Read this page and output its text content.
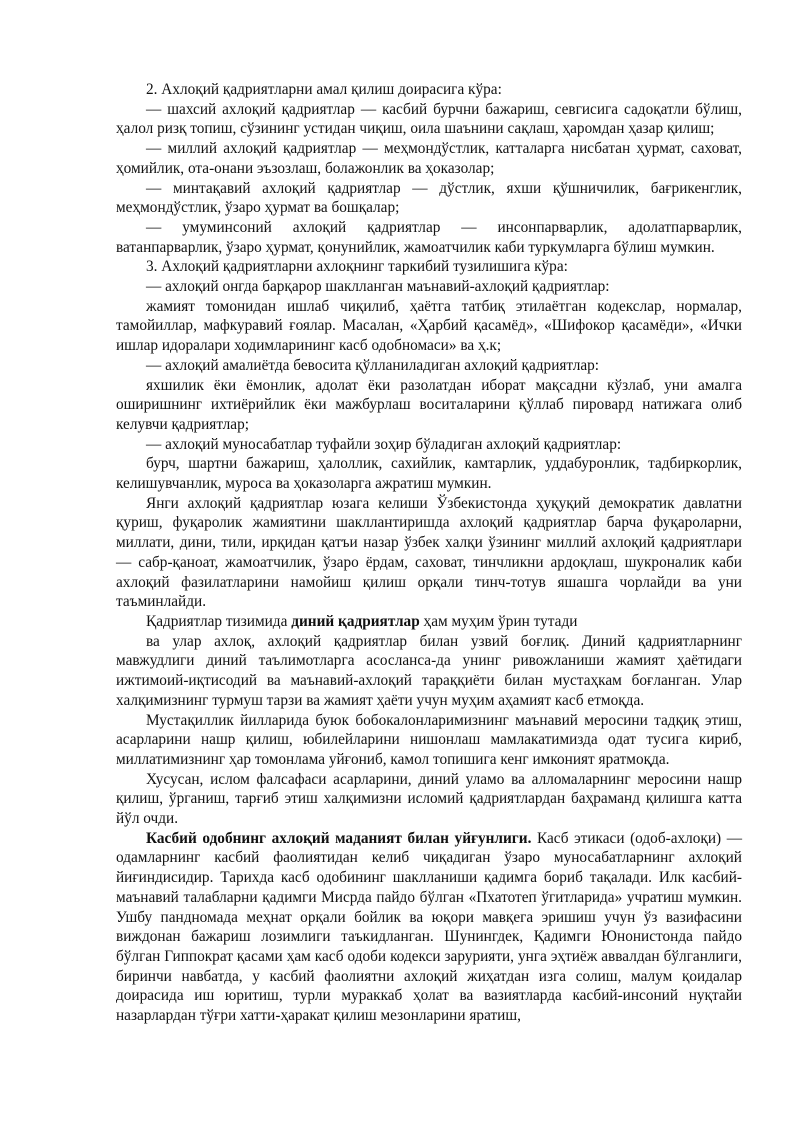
2. Ахлоқий қадриятларни амал қилиш доирасига кўра:

— шахсий ахлоқий қадриятлар — касбий бурчни бажариш, севгисига садоқатли бўлиш, ҳалол ризқ топиш, сўзининг устидан чиқиш, оила шаънини сақлаш, ҳаромдан ҳазар қилиш;

— миллий ахлоқий қадриятлар — меҳмондўстлик, катталарга нисбатан ҳурмат, саховат, ҳомийлик, ота-онани эъзозлаш, болажонлик ва ҳоказолар;

— минтақавий ахлоқий қадриятлар — дўстлик, яхши қўшничилик, бағрикенглик, меҳмондўстлик, ўзаро ҳурмат ва бошқалар;

— умуминсоний ахлоқий қадриятлар — инсонпарварлик, адолатпарварлик, ватанпарварлик, ўзаро ҳурмат, қонунийлик, жамоатчилик каби туркумларга бўлиш мумкин.

3. Ахлоқий қадриятларни ахлоқнинг таркибий тузилишига кўра:

— ахлоқий онгда барқарор шаклланган маънавий-ахлоқий қадриятлар:

жамият томонидан ишлаб чиқилиб, ҳаётга татбиқ этилаётган кодекслар, нормалар, тамойиллар, мафкуравий ғоялар. Масалан, «Ҳарбий қасамёд», «Шифокор қасамёди», «Ички ишлар идоралари ходимларининг касб одобномаси» ва ҳ.к;

— ахлоқий амалиётда бевосита қўлланиладиган ахлоқий қадриятлар:

яхшилик ёки ёмонлик, адолат ёки разолатдан иборат мақсадни кўзлаб, уни амалга оширишнинг ихтиёрийлик ёки мажбурлаш воситаларини қўллаб пировард натижага олиб келувчи қадриятлар;

— ахлоқий муносабатлар туфайли зоҳир бўладиган ахлоқий қадриятлар:

бурч, шартни бажариш, ҳалоллик, сахийлик, камтарлик, уддабуронлик, тадбиркорлик, келишувчанлик, муроса ва ҳоказоларга ажратиш мумкин.

Янги ахлоқий қадриятлар юзага келиши Ўзбекистонда ҳуқуқий демократик давлатни қуриш, фуқаролик жамиятини шакллантиришда ахлоқий қадриятлар барча фуқароларни, миллати, дини, тили, ирқидан қатъи назар ўзбек халқи ўзининг миллий ахлоқий қадриятлари — сабр-қаноат, жамоатчилик, ўзаро ёрдам, саховат, тинчликни ардоқлаш, шукроналик каби ахлоқий фазилатларини намойиш қилиш орқали тинч-тотув яшашга чорлайди ва уни таъминлайди.

Қадриятлар тизимида диний қадриятлар ҳам муҳим ўрин тутади

ва улар ахлоқ, ахлоқий қадриятлар билан узвий боғлиқ. Диний қадриятларнинг мавжудлиги диний таълимотларга асосланса-да унинг ривожланиши жамият ҳаётидаги ижтимоий-иқтисодий ва маънавий-ахлоқий тараққиёти билан мустаҳкам боғланган. Улар халқимизнинг турмуш тарзи ва жамият ҳаёти учун муҳим аҳамият касб етмоқда.

Мустақиллик йилларида буюк бобокалонларимизнинг маънавий меросини тадқиқ этиш, асарларини нашр қилиш, юбилейларини нишонлаш мамлакатимизда одат тусига кириб, миллатимизнинг ҳар томонлама уйғониб, камол топишига кенг имконият яратмоқда.

Хусусан, ислом фалсафаси асарларини, диний уламо ва алломаларнинг меросини нашр қилиш, ўрганиш, тарғиб этиш халқимизни исломий қадриятлардан баҳраманд қилишга катта йўл очди.

Касбий одобнинг ахлоқий маданият билан уйғунлиги. Касб этикаси (одоб-ахлоқи) — одамларнинг касбий фаолиятидан келиб чиқадиган ўзаро муносабатларнинг ахлоқий йиғиндисидир. Тарихда касб одобининг шаклланиши қадимга бориб тақалади. Илк касбий-маънавий талабларни қадимги Мисрда пайдо бўлган «Пхатотеп ўгитларида» учратиш мумкин. Ушбу пандномада меҳнат орқали бойлик ва юқори мавқега эришиш учун ўз вазифасини виждонан бажариш лозимлиги таъкидланган. Шунингдек, Қадимги Юнонистонда пайдо бўлган Гиппократ қасами ҳам касб одоби кодекси зарурияти, унга эҳтиёж аввалдан бўлганлиги, биринчи навбатда, у касбий фаолиятни ахлоқий жиҳатдан изга солиш, малум қоидалар доирасида иш юритиш, турли мураккаб ҳолат ва вазиятларда касбий-инсоний нуқтайи назарлардан тўғри хатти-ҳаракат қилиш мезонларини яратиш,
